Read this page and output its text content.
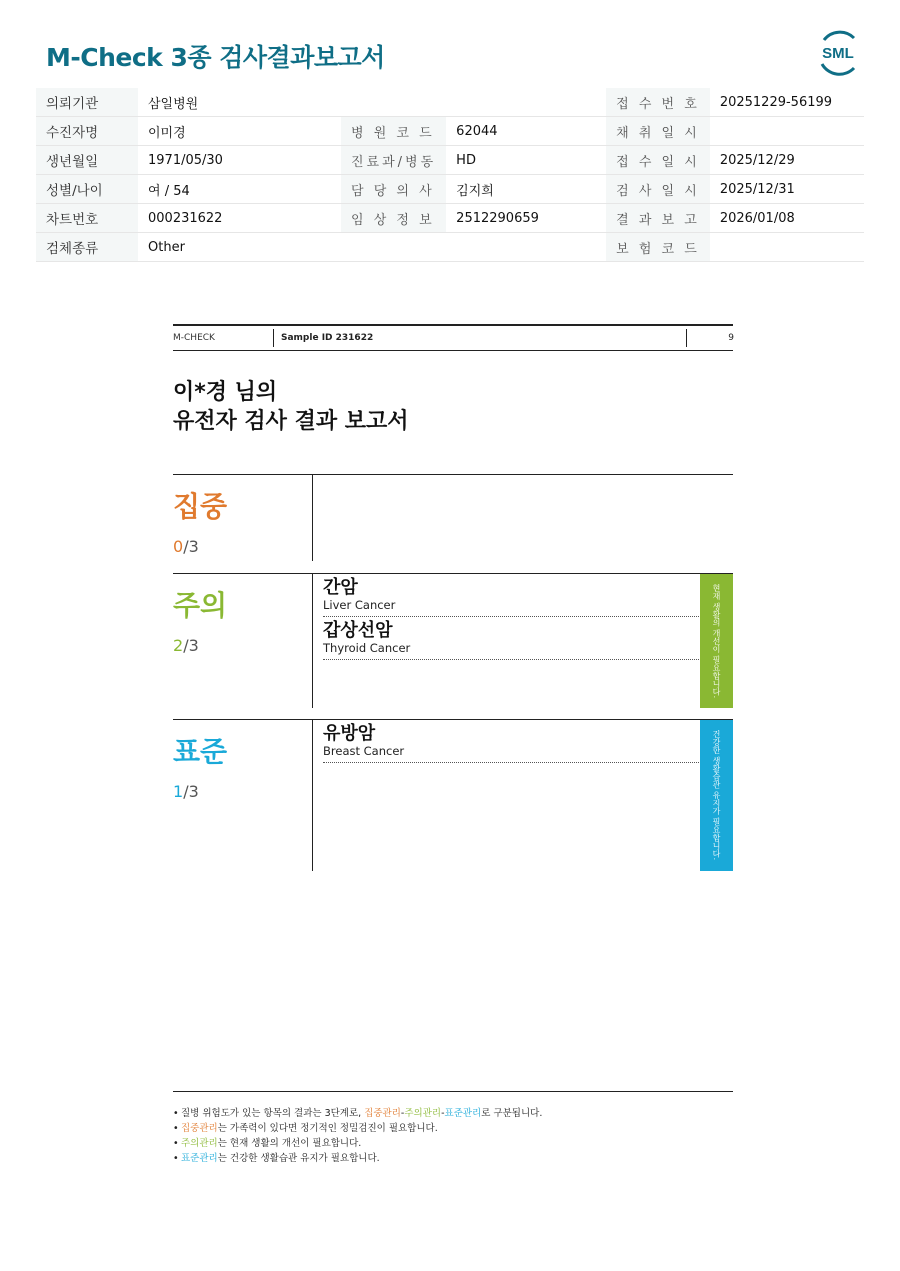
M-Check 3종 검사결과보고서	SML
의뢰기관	삼일병원			접 수 번 호	20251229-56199
수진자명	이미경	병 원 코 드	62044	채 취 일 시	
생년월일	1971/05/30	진료과/병동	HD	접 수 일 시	2025/12/29
성별/나이	여 / 54	담 당 의 사	김지희	검 사 일 시	2025/12/31
차트번호	000231622	임 상 정 보	2512290659	결 과 보 고	2026/01/08
검체종류	Other			보 험 코 드	
M-CHECK	Sample ID 231622	9
이*경 님의
유전자 검사 결과 보고서
집중
0/3
주의
2/3
간암
Liver Cancer
갑상선암
Thyroid Cancer	현재 생활의 개선이 필요합니다.
표준
1/3
유방암
Breast Cancer	건강한 생활습관 유지가 필요합니다.
• 질병 위험도가 있는 항목의 결과는 3단계로, 집중관리-주의관리-표준관리로 구분됩니다.
• 집중관리는 가족력이 있다면 정기적인 정밀검진이 필요합니다.
• 주의관리는 현재 생활의 개선이 필요합니다.
• 표준관리는 건강한 생활습관 유지가 필요합니다.
